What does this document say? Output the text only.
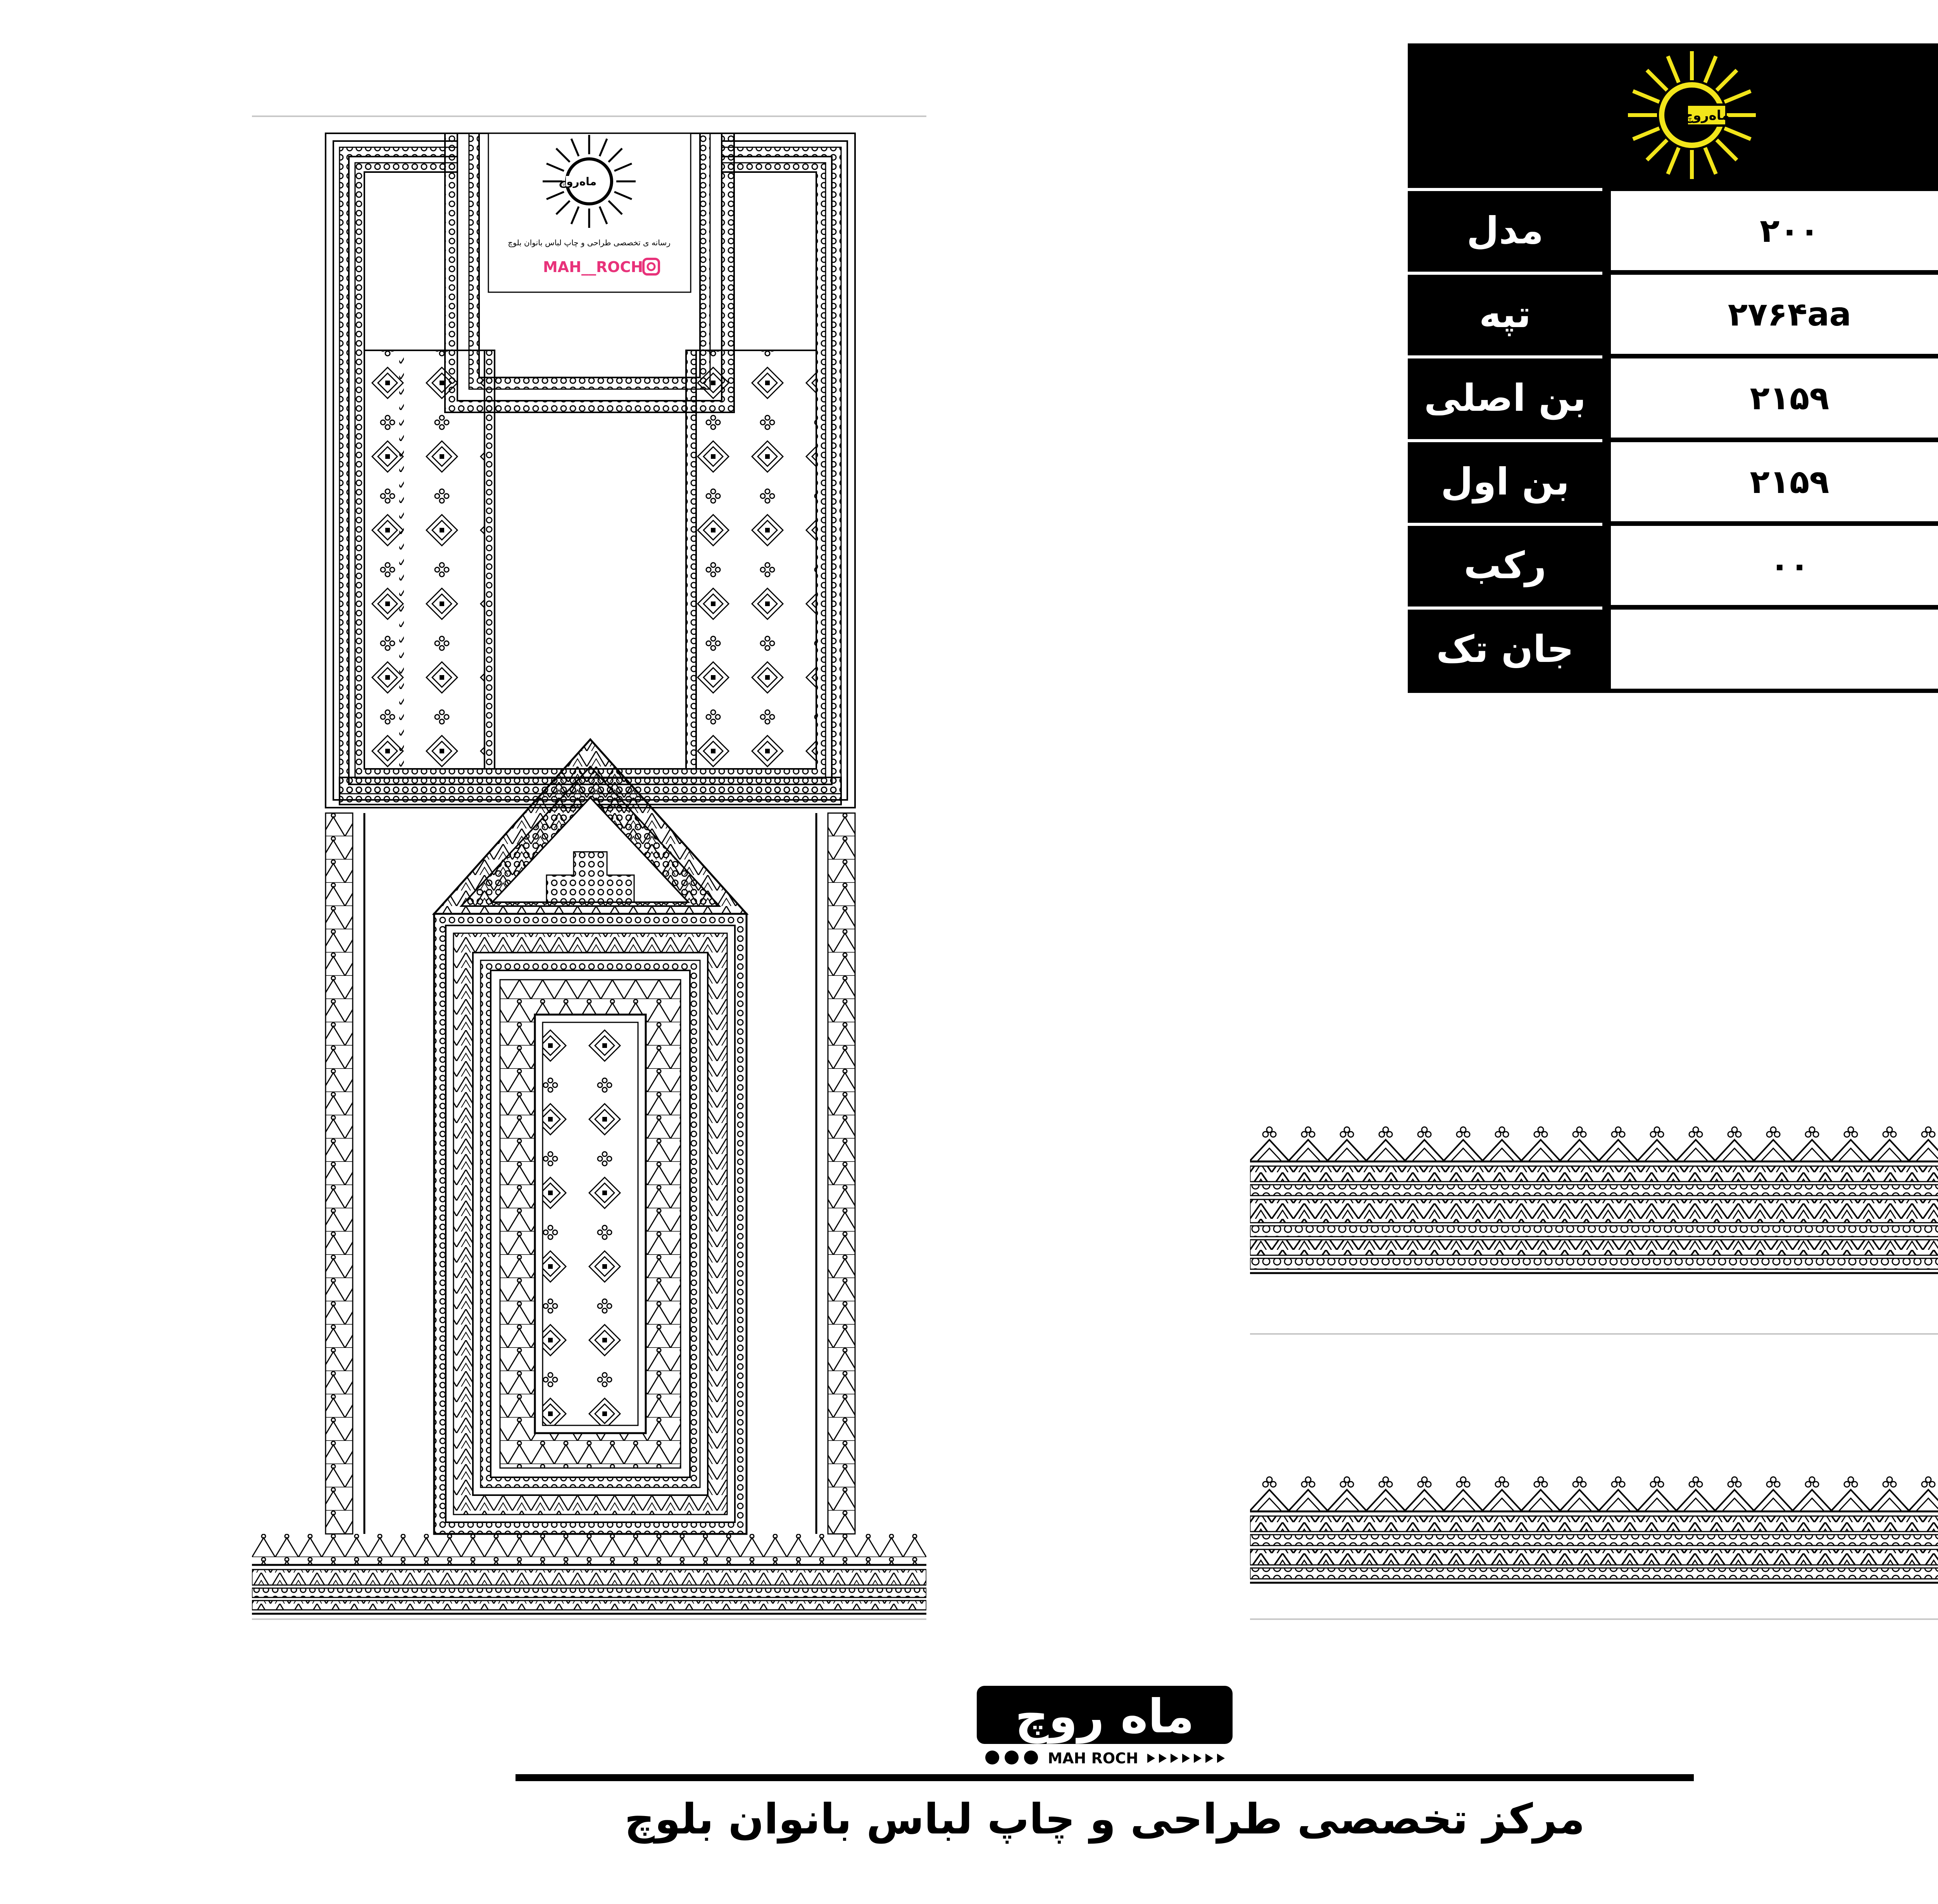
ماه‌روچ
رسانه ی تخصصی طراحی و چاپ لباس بانوان بلوچ
MAH__ROCH
ماه‌روچ
مدل	۲۰۰
تپه	۲۷۶۴aa
بن اصلی	۲۱۵۹
بن اول	۲۱۵۹
رکب	۰۰
جان تک
ماه روچ
MAH ROCH
مرکز تخصصی طراحی و چاپ لباس بانوان بلوچ
